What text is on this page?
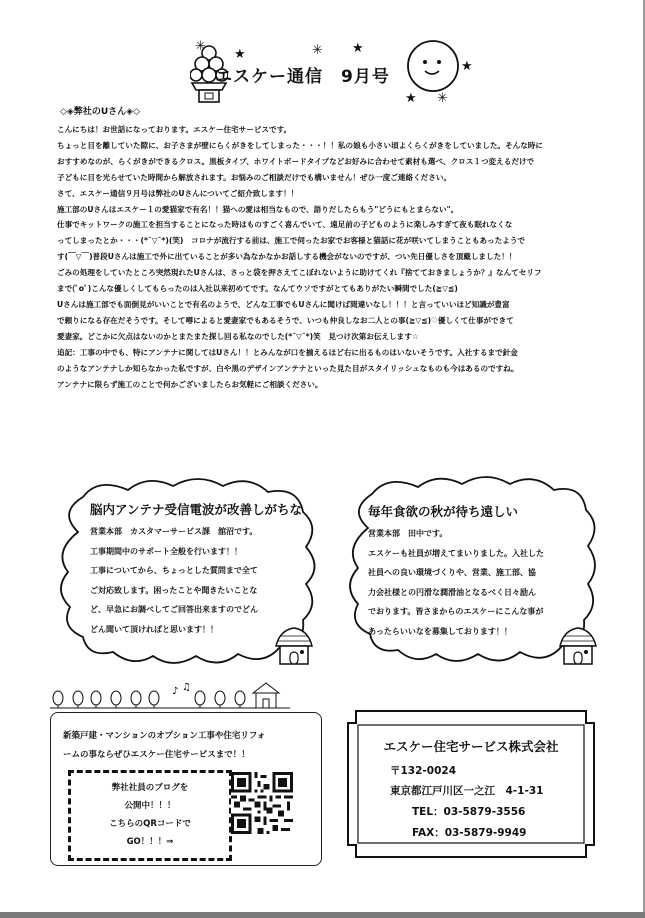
✳
★	✳ ★
★ ✳
★
エスケー通信　9月号
◇◈弊社のUさん◈◇

こんにちは！お世話になっております。エスケー住宅サービスです。

ちょっと目を離していた隙に、お子さまが壁にらくがきをしてしまった・・・！！私の娘も小さい頃よくらくがきをしていました。そんな時に

おすすめなのが、らくがきができるクロス。黒板タイプ、ホワイトボードタイプなどお好みに合わせて素材も選べ、クロス１つ変えるだけで

子どもに目を光らせていた時間から解放されます。お悩みのご相談だけでも構いません！ぜひ一度ご連絡ください。

さて、エスケー通信９月号は弊社のUさんについてご紹介致します！！

施工部のUさんはエスケー１の愛猫家で有名！！猫への愛は相当なもので、語りだしたらもう"どうにもとまらない"。

仕事でキットワークの施工を担当することになった時はものすごく喜んでいて、遠足前の子どものように楽しみすぎて夜も眠れなくな

ってしまったとか・・・(*¯▽¯*)(笑)　コロナが流行する前は、施工で伺ったお家でお客様と猫話に花が咲いてしまうこともあったようで

す(￣▽￣)普段Uさんは施工で外に出ていることが多い為なかなかお話しする機会がないのですが、つい先日優しさを頂戴しました！！

ごみの処理をしていたところ突然現れたUさんは、さっと袋を押さえてこぼれないように助けてくれ『捨てておきましょうか？』なんてセリフ

まで(ﾟoﾟ)こんな優しくしてもらったのは入社以来初めてです。なんてウソですがとてもありがたい瞬間でした(≧▽≦)

Uさんは施工部でも面倒見がいいことで有名のようで、どんな工事でもUさんに聞けば間違いなし！！！と言っていいほど知識が豊富

で頼りになる存在だそうです。そして噂によると愛妻家でもあるそうで、いつも仲良しなお二人との事(≧▽≦)♡優しくて仕事ができて

愛妻家。どこかに欠点はないのかとまたまた探し回る私なのでした(*¯▽¯*)笑　見つけ次第お伝えします☆

追記：工事の中でも、特にアンテナに関してはUさん！！とみんなが口を揃えるほど右に出るものはいないそうです。入社するまで針金

のようなアンテナしか知らなかった私ですが、白や黒のデザインアンテナといった見た目がスタイリッシュなものも今はあるのですね。

アンテナに限らず施工のことで何かございましたらお気軽にご相談ください。

脳内アンテナ受信電波が改善しがちな
営業本部　カスタマーサービス課　舘沼です。
工事期間中のサポート全般を行います！！
工事についてから、ちょっとした質問まで全て
ご対応致します。困ったことや聞きたいことな
ど、早急にお調べしてご回答出来ますのでどん
どん聞いて頂ければと思います！！
毎年食欲の秋が待ち遠しい
営業本部　田中です。
エスケーも社員が増えてまいりました。入社した
社員への良い環境づくりや、営業、施工部、協
力会社様との円滑な潤滑油となるべく日々励ん
でおります。皆さまからのエスケーにこんな事が
あったらいいなを募集しております！！
♪ ♫
新築戸建・マンションのオプション工事や住宅リフォ
ームの事ならぜひエスケー住宅サービスまで！！
弊社社員のブログを
公開中！！！
こちらのQRコードで
GO！！！⇒
エスケー住宅サービス株式会社
〒132-0024
東京都江戸川区一之江　4-1-31
TEL：03-5879-3556
FAX：03-5879-9949
